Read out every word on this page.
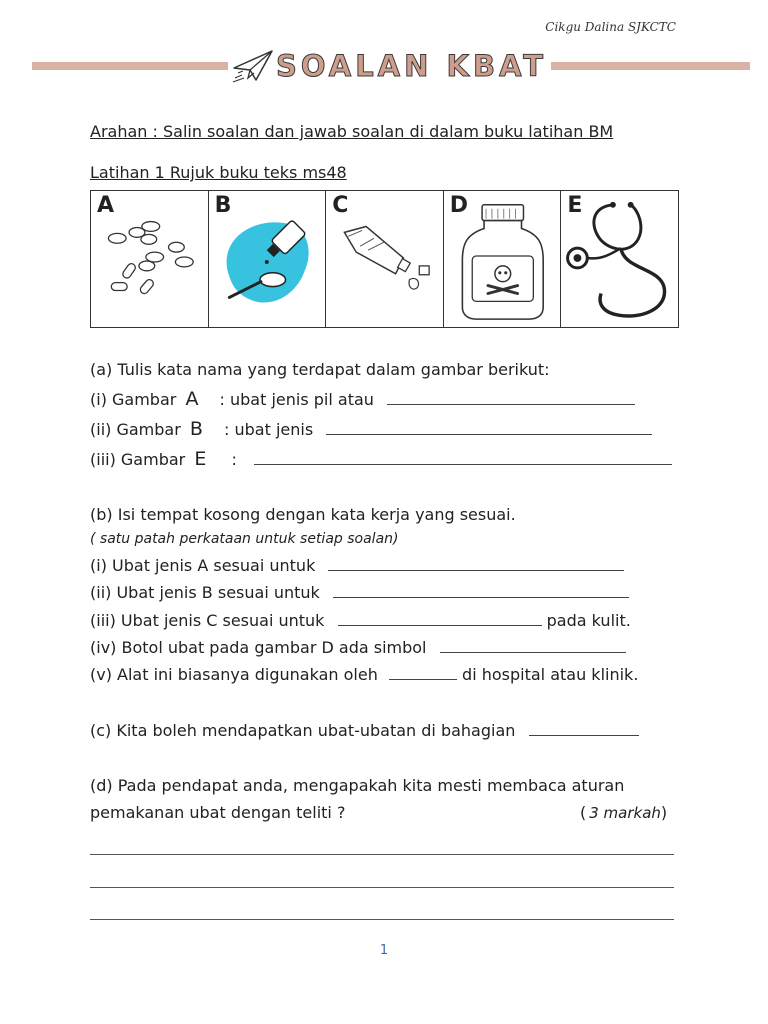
Cikgu Dalina SJKCTC
SOALAN KBAT
Arahan : Salin soalan dan jawab soalan di dalam buku latihan BM
Latihan 1 Rujuk buku teks ms48
A	B	C	D	E
(a) Tulis kata nama yang terdapat dalam gambar berikut:
(i) Gambar A : ubat jenis pil atau
(ii) Gambar B : ubat jenis
(iii) Gambar E :
(b) Isi tempat kosong dengan kata kerja yang sesuai.
( satu patah perkataan untuk setiap soalan)
(i) Ubat jenis A sesuai untuk
(ii) Ubat jenis B sesuai untuk
(iii) Ubat jenis C sesuai untuk	pada kulit.
(iv) Botol ubat pada gambar D ada simbol
(v) Alat ini biasanya digunakan oleh	di hospital atau klinik.
(c) Kita boleh mendapatkan ubat-ubatan di bahagian
(d) Pada pendapat anda, mengapakah kita mesti membaca aturan
pemakanan ubat dengan teliti ?	( 3 markah)
1
